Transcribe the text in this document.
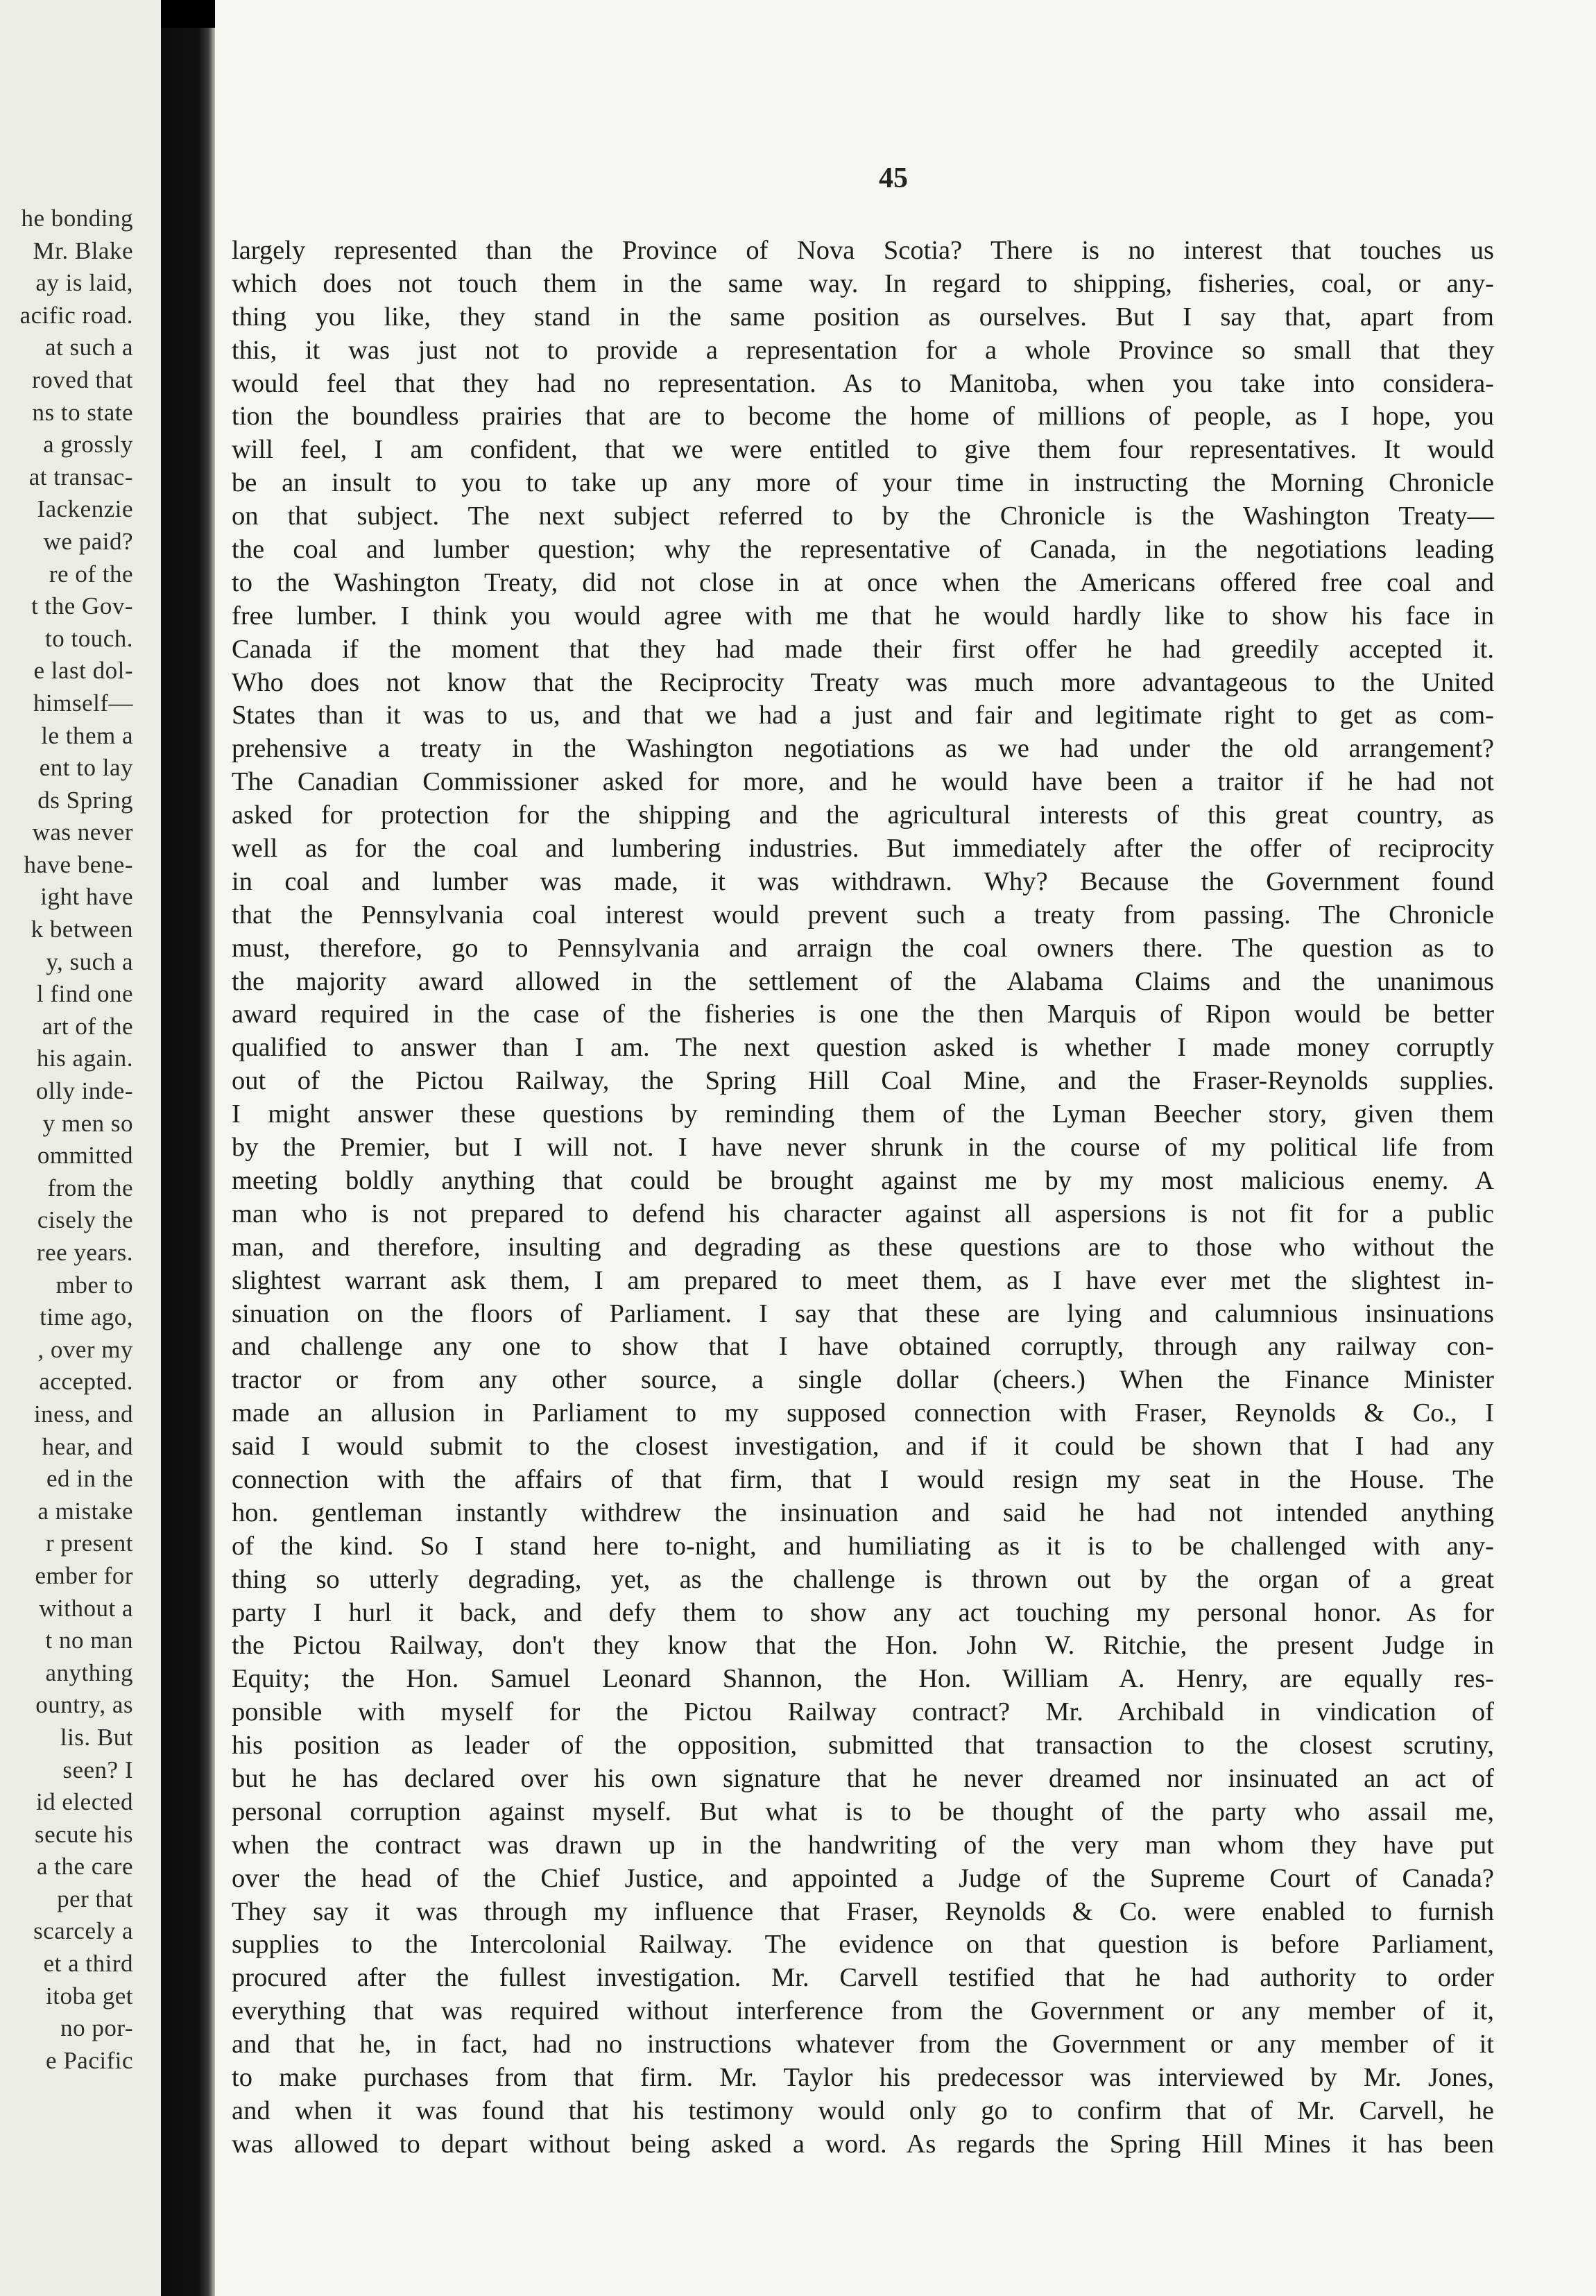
he bonding
Mr. Blake
ay is laid,
acific road.
at such a
roved that
ns to state
a grossly
at transac-
Iackenzie
we paid?
re of the
t the Gov-
to touch.
e last dol-
himself—
le them a
ent to lay
ds Spring
was never
have bene-
ight have
k between
y, such a
l find one
art of the
his again.
olly inde-
y men so
ommitted
from the
cisely the
ree years.
mber to
time ago,
, over my
accepted.
iness, and
hear, and
ed in the
a mistake
r present
ember for
without a
t no man
anything
ountry, as
lis. But
seen? I
id elected
secute his
a the care
per that
scarcely a
et a third
itoba get
no por-
e Pacific
45
largely represented than the Province of Nova Scotia? There is no interest that touches us
which does not touch them in the same way. In regard to shipping, fisheries, coal, or any-
thing you like, they stand in the same position as ourselves. But I say that, apart from
this, it was just not to provide a representation for a whole Province so small that they
would feel that they had no representation. As to Manitoba, when you take into considera-
tion the boundless prairies that are to become the home of millions of people, as I hope, you
will feel, I am confident, that we were entitled to give them four representatives. It would
be an insult to you to take up any more of your time in instructing the Morning Chronicle
on that subject. The next subject referred to by the Chronicle is the Washington Treaty—
the coal and lumber question; why the representative of Canada, in the negotiations leading
to the Washington Treaty, did not close in at once when the Americans offered free coal and
free lumber. I think you would agree with me that he would hardly like to show his face in
Canada if the moment that they had made their first offer he had greedily accepted it.
Who does not know that the Reciprocity Treaty was much more advantageous to the United
States than it was to us, and that we had a just and fair and legitimate right to get as com-
prehensive a treaty in the Washington negotiations as we had under the old arrangement?
The Canadian Commissioner asked for more, and he would have been a traitor if he had not
asked for protection for the shipping and the agricultural interests of this great country, as
well as for the coal and lumbering industries. But immediately after the offer of reciprocity
in coal and lumber was made, it was withdrawn. Why? Because the Government found
that the Pennsylvania coal interest would prevent such a treaty from passing. The Chronicle
must, therefore, go to Pennsylvania and arraign the coal owners there. The question as to
the majority award allowed in the settlement of the Alabama Claims and the unanimous
award required in the case of the fisheries is one the then Marquis of Ripon would be better
qualified to answer than I am. The next question asked is whether I made money corruptly
out of the Pictou Railway, the Spring Hill Coal Mine, and the Fraser-Reynolds supplies.
I might answer these questions by reminding them of the Lyman Beecher story, given them
by the Premier, but I will not. I have never shrunk in the course of my political life from
meeting boldly anything that could be brought against me by my most malicious enemy. A
man who is not prepared to defend his character against all aspersions is not fit for a public
man, and therefore, insulting and degrading as these questions are to those who without the
slightest warrant ask them, I am prepared to meet them, as I have ever met the slightest in-
sinuation on the floors of Parliament. I say that these are lying and calumnious insinuations
and challenge any one to show that I have obtained corruptly, through any railway con-
tractor or from any other source, a single dollar (cheers.) When the Finance Minister
made an allusion in Parliament to my supposed connection with Fraser, Reynolds & Co., I
said I would submit to the closest investigation, and if it could be shown that I had any
connection with the affairs of that firm, that I would resign my seat in the House. The
hon. gentleman instantly withdrew the insinuation and said he had not intended anything
of the kind. So I stand here to-night, and humiliating as it is to be challenged with any-
thing so utterly degrading, yet, as the challenge is thrown out by the organ of a great
party I hurl it back, and defy them to show any act touching my personal honor. As for
the Pictou Railway, don't they know that the Hon. John W. Ritchie, the present Judge in
Equity; the Hon. Samuel Leonard Shannon, the Hon. William A. Henry, are equally res-
ponsible with myself for the Pictou Railway contract? Mr. Archibald in vindication of
his position as leader of the opposition, submitted that transaction to the closest scrutiny,
but he has declared over his own signature that he never dreamed nor insinuated an act of
personal corruption against myself. But what is to be thought of the party who assail me,
when the contract was drawn up in the handwriting of the very man whom they have put
over the head of the Chief Justice, and appointed a Judge of the Supreme Court of Canada?
They say it was through my influence that Fraser, Reynolds & Co. were enabled to furnish
supplies to the Intercolonial Railway. The evidence on that question is before Parliament,
procured after the fullest investigation. Mr. Carvell testified that he had authority to order
everything that was required without interference from the Government or any member of it,
and that he, in fact, had no instructions whatever from the Government or any member of it
to make purchases from that firm. Mr. Taylor his predecessor was interviewed by Mr. Jones,
and when it was found that his testimony would only go to confirm that of Mr. Carvell, he
was allowed to depart without being asked a word. As regards the Spring Hill Mines it has been
